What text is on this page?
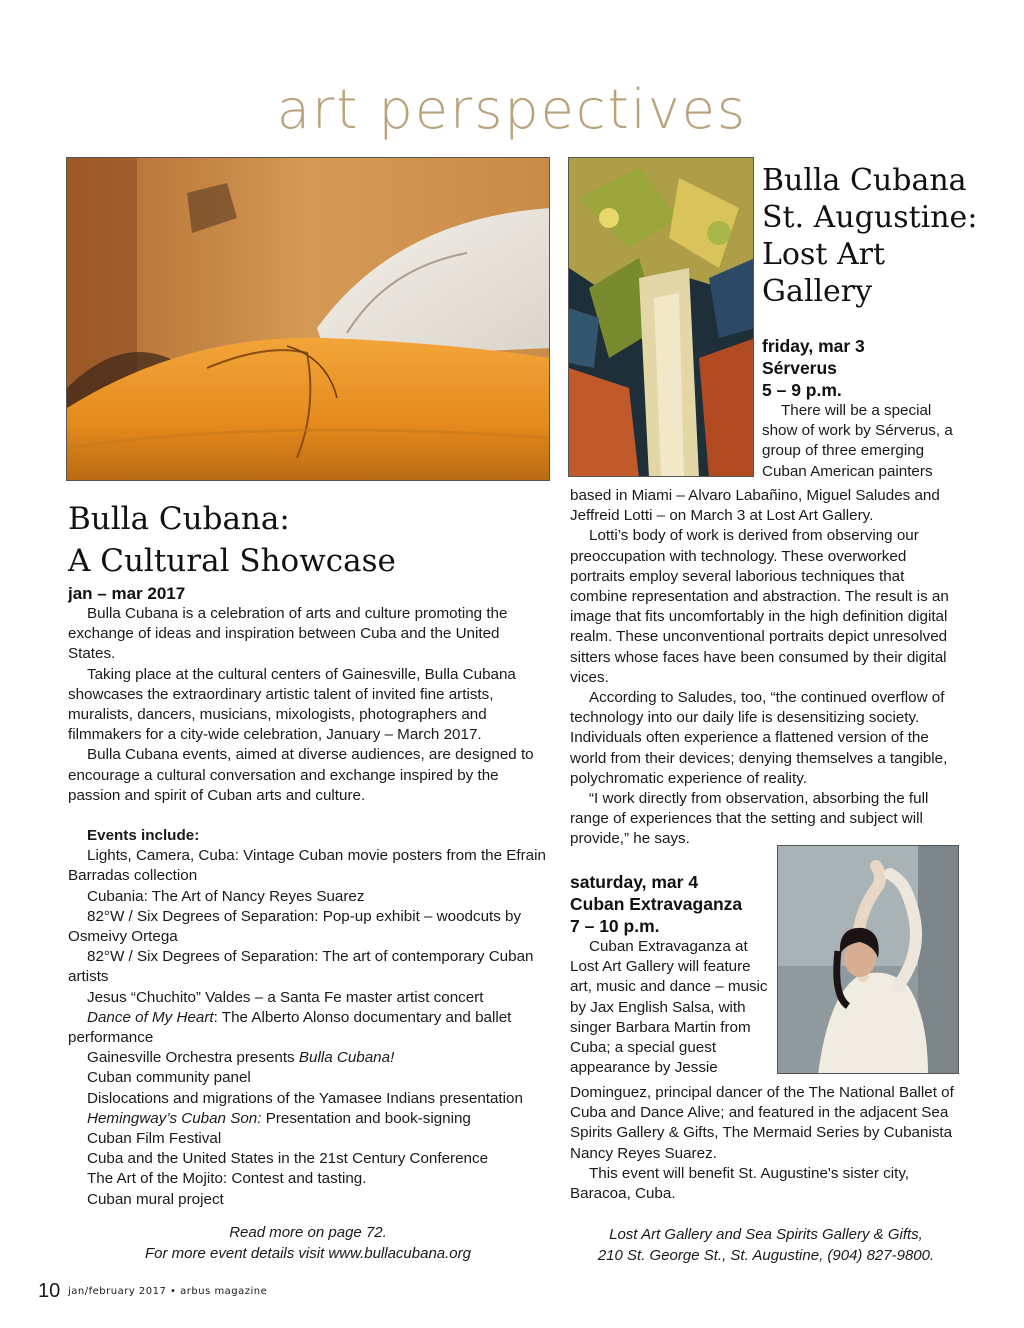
art perspectives
Bulla Cubana:
A Cultural Showcase
jan – mar 2017

Bulla Cubana is a celebration of arts and culture promoting the exchange of ideas and inspiration between Cuba and the United States.

Taking place at the cultural centers of Gainesville, Bulla Cubana showcases the extraordinary artistic talent of invited fine artists, muralists, dancers, musicians, mixologists, photographers and filmmakers for a city-wide celebration, January – March 2017.

Bulla Cubana events, aimed at diverse audiences, are designed to encourage a cultural conversation and exchange inspired by the passion and spirit of Cuban arts and culture.

Events include:
Lights, Camera, Cuba: Vintage Cuban movie posters from the Efrain Barradas collection
Cubania: The Art of Nancy Reyes Suarez
82°W / Six Degrees of Separation: Pop-up exhibit – woodcuts by Osmeivy Ortega
82°W / Six Degrees of Separation: The art of contemporary Cuban artists
Jesus “Chuchito” Valdes – a Santa Fe master artist concert
Dance of My Heart: The Alberto Alonso documentary and ballet performance
Gainesville Orchestra presents Bulla Cubana!
Cuban community panel
Dislocations and migrations of the Yamasee Indians presentation
Hemingway’s Cuban Son: Presentation and book-signing
Cuban Film Festival
Cuba and the United States in the 21st Century Conference
The Art of the Mojito: Contest and tasting.
Cuban mural project
Read more on page 72.
For more event details visit www.bullacubana.org
Bulla Cubana
St. Augustine:
Lost Art
Gallery
friday, mar 3
Sérverus
5 – 9 p.m.

There will be a special show of work by Sérverus, a group of three emerging Cuban American painters

based in Miami – Alvaro Labañino, Miguel Saludes and Jeffreid Lotti – on March 3 at Lost Art Gallery.

Lotti’s body of work is derived from observing our preoccupation with technology. These overworked portraits employ several laborious techniques that combine representation and abstraction. The result is an image that fits uncomfortably in the high definition digital realm. These unconventional portraits depict unresolved sitters whose faces have been consumed by their digital vices.

According to Saludes, too, “the continued overflow of technology into our daily life is desensitizing society. Individuals often experience a flattened version of the world from their devices; denying themselves a tangible, polychromatic experience of reality.

“I work directly from observation, absorbing the full range of experiences that the setting and subject will provide,” he says.

saturday, mar 4
Cuban Extravaganza
7 – 10 p.m.

Cuban Extravaganza at Lost Art Gallery will feature art, music and dance – music by Jax English Salsa, with singer Barbara Martin from Cuba; a special guest appearance by Jessie

Dominguez, principal dancer of the The National Ballet of Cuba and Dance Alive; and featured in the adjacent Sea Spirits Gallery & Gifts, The Mermaid Series by Cubanista Nancy Reyes Suarez.

This event will benefit St. Augustine's sister city, Baracoa, Cuba.

Lost Art Gallery and Sea Spirits Gallery & Gifts,
210 St. George St., St. Augustine, (904) 827-9800.
10 jan/february 2017 • arbus magazine
